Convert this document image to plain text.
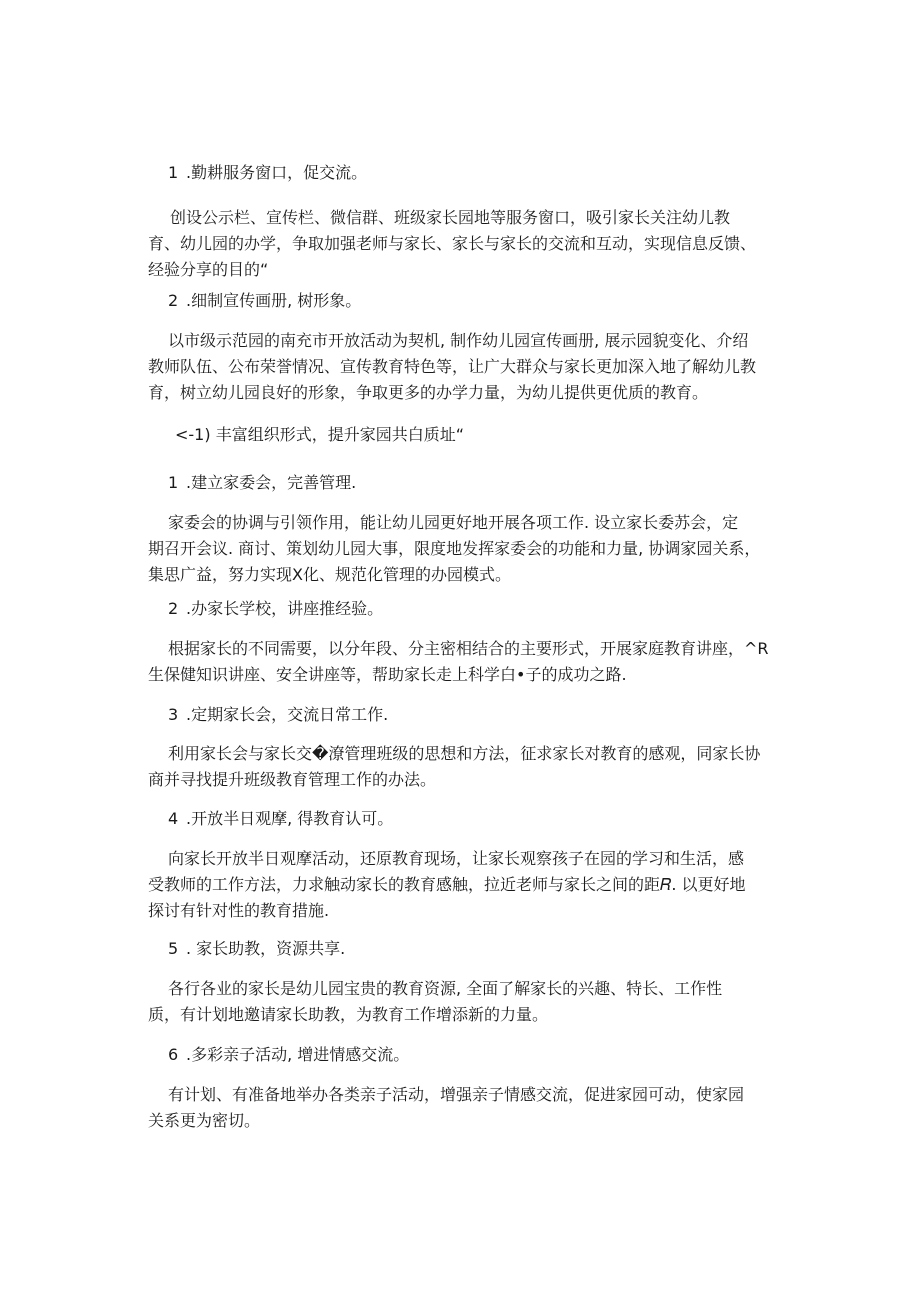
1 .勤耕服务窗口，促交流。
创设公示栏、宣传栏、微信群、班级家长园地等服务窗口，吸引家长关注幼儿教
育、幼儿园的办学，争取加强老师与家长、家长与家长的交流和互动，实现信息反馈、
经验分享的目的“
2 .细制宣传画册, 树形象。
以市级示范园的南充市开放活动为契机, 制作幼儿园宣传画册, 展示园貌变化、介绍
教师队伍、公布荣誉情况、宣传教育特色等，让广大群众与家长更加深入地了解幼儿教
育，树立幼儿园良好的形象，争取更多的办学力量，为幼儿提供更优质的教育。
<-1) 丰富组织形式，提升家园共白质址“
1 .建立家委会，完善管理.
家委会的协调与引领作用，能让幼儿园更好地开展各项工作. 设立家长委苏会，定
期召开会议. 商讨、策划幼儿园大事，限度地发挥家委会的功能和力量, 协调家园关系，
集思广益，努力实现X化、规范化管理的办园模式。
2 .办家长学校，讲座推经验。
根据家长的不同需要，以分年段、分主密相结合的主要形式，开展家庭教育讲座，^R
生保健知识讲座、安全讲座等，帮助家长走上科学白•子的成功之路.
3 .定期家长会，交流日常工作.
利用家长会与家长交�潦管理班级的思想和方法，征求家长对教育的感观，同家长协
商并寻找提升班级教育管理工作的办法。
4 .开放半日观摩, 得教育认可。
向家长开放半日观摩活动，还原教育现场，让家长观察孩子在园的学习和生活，感
受教师的工作方法，力求触动家长的教育感触，拉近老师与家长之间的距𝑅. 以更好地
探讨有针对性的教育措施.
5 . 家长助教，资源共享.
各行各业的家长是幼儿园宝贵的教育资源, 全面了解家长的兴趣、特长、工作性
质，有计划地邀请家长助教，为教育工作增添新的力量。
6 .多彩亲子活动, 增进情感交流。
有计划、有准备地举办各类亲子活动，增强亲子情感交流，促进家园可动，使家园
关系更为密切。
